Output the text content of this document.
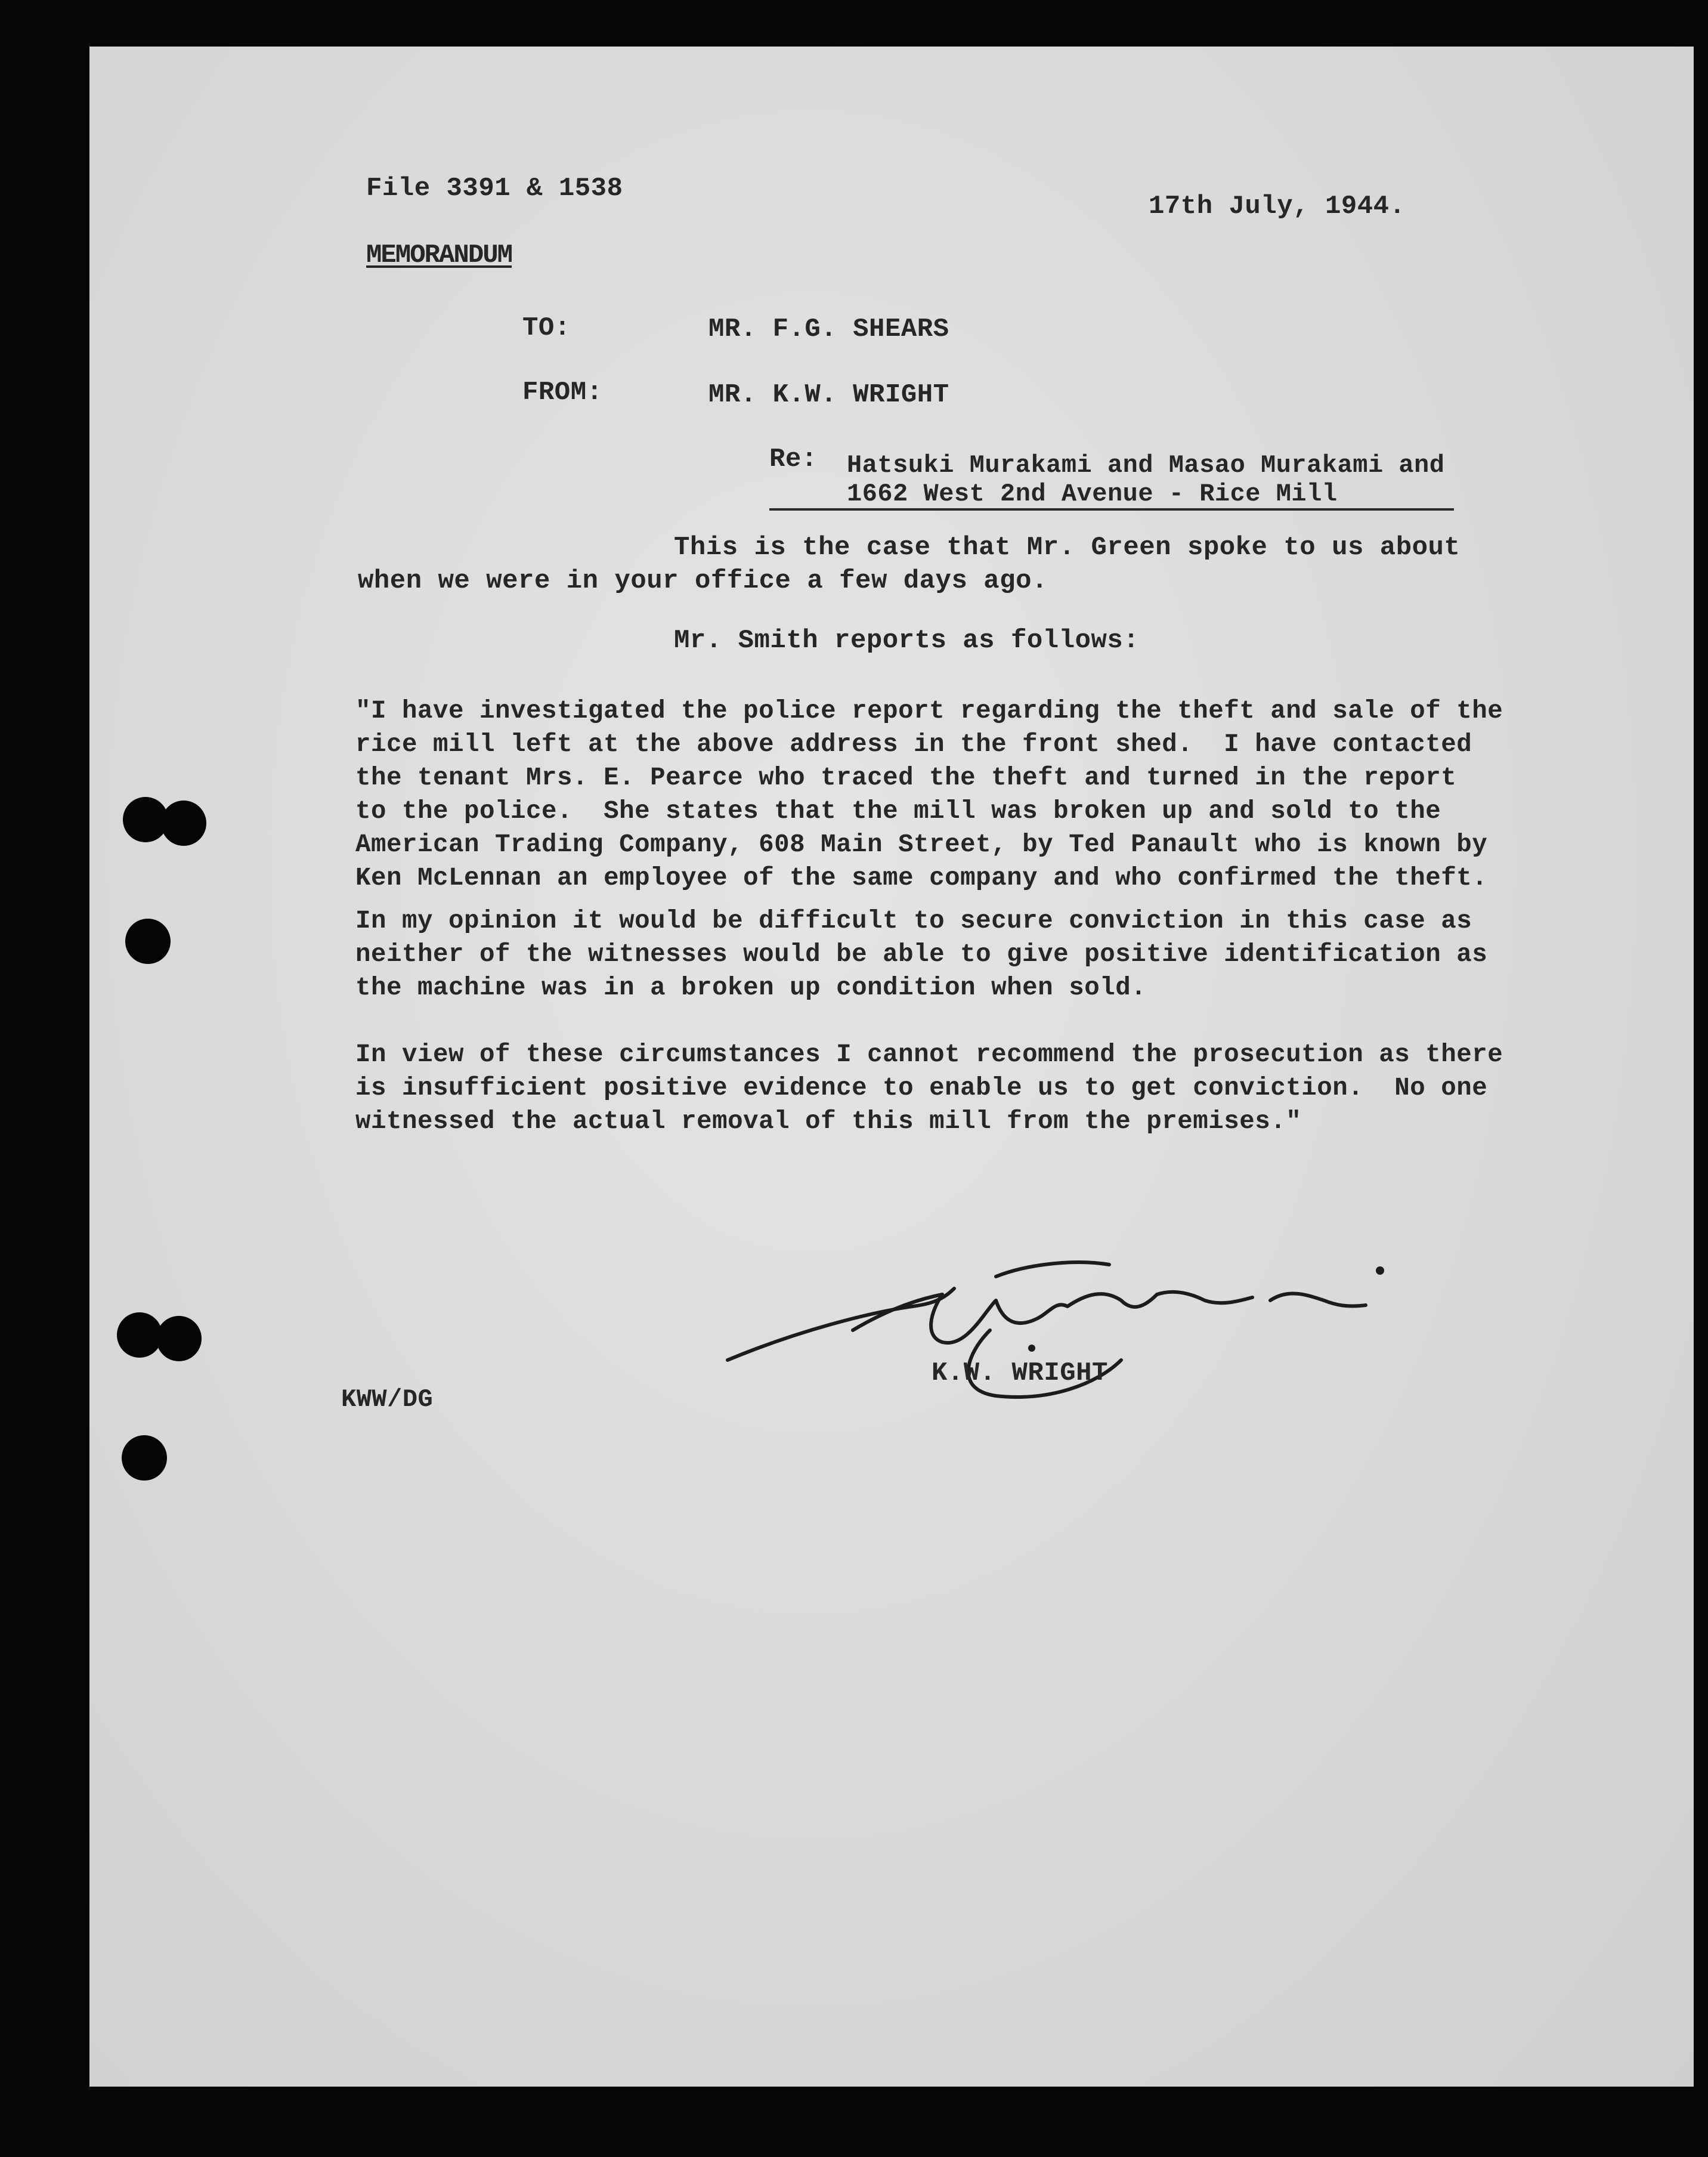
File 3391 & 1538
17th July, 1944.
MEMORANDUM
TO:	MR. F.G. SHEARS
FROM:	MR. K.W. WRIGHT
Re: Hatsuki Murakami and Masao Murakami and
1662 West 2nd Avenue - Rice Mill
This is the case that Mr. Green spoke to us about
when we were in your office a few days ago.
Mr. Smith reports as follows:
"I have investigated the police report regarding the theft and sale of the
rice mill left at the above address in the front shed.  I have contacted
the tenant Mrs. E. Pearce who traced the theft and turned in the report
to the police.  She states that the mill was broken up and sold to the
American Trading Company, 608 Main Street, by Ted Panault who is known by
Ken McLennan an employee of the same company and who confirmed the theft.
In my opinion it would be difficult to secure conviction in this case as
neither of the witnesses would be able to give positive identification as
the machine was in a broken up condition when sold.
In view of these circumstances I cannot recommend the prosecution as there
is insufficient positive evidence to enable us to get conviction.  No one
witnessed the actual removal of this mill from the premises."
K.W. WRIGHT
KWW/DG
